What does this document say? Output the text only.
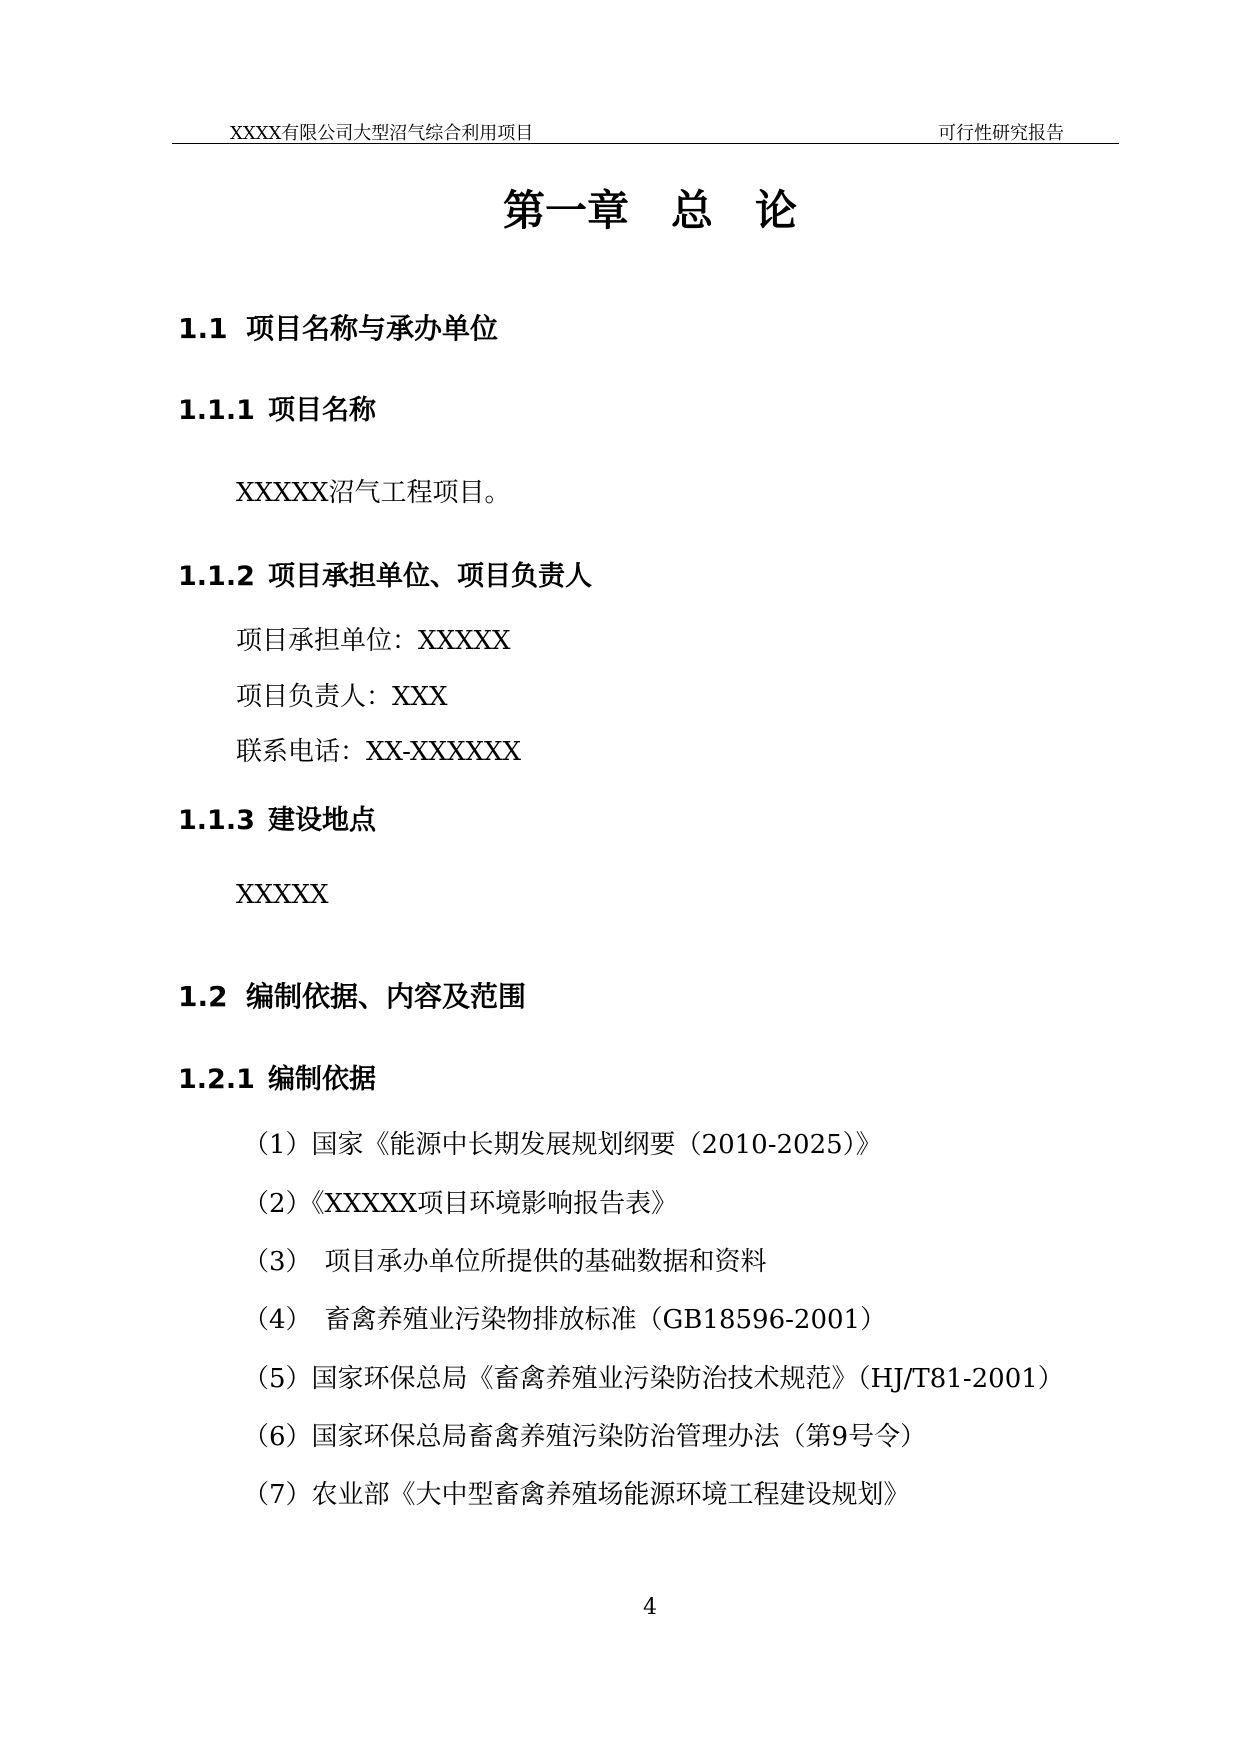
XXXX有限公司大型沼气综合利用项目	可行性研究报告
第一章　总　论
1.1 项目名称与承办单位
1.1.1 项目名称
XXXXX沼气工程项目。
1.1.2 项目承担单位、项目负责人
项目承担单位：XXXXX
项目负责人：XXX
联系电话：XX-XXXXXX
1.1.3 建设地点
XXXXX
1.2 编制依据、内容及范围
1.2.1 编制依据
（1）国家《能源中长期发展规划纲要（2010-2025）》
（2）《XXXXX项目环境影响报告表》
（3）　项目承办单位所提供的基础数据和资料
（4）　畜禽养殖业污染物排放标准（GB18596-2001）
（5）国家环保总局《畜禽养殖业污染防治技术规范》（HJ/T81-2001）
（6）国家环保总局畜禽养殖污染防治管理办法（第9号令）
（7）农业部《大中型畜禽养殖场能源环境工程建设规划》
4
